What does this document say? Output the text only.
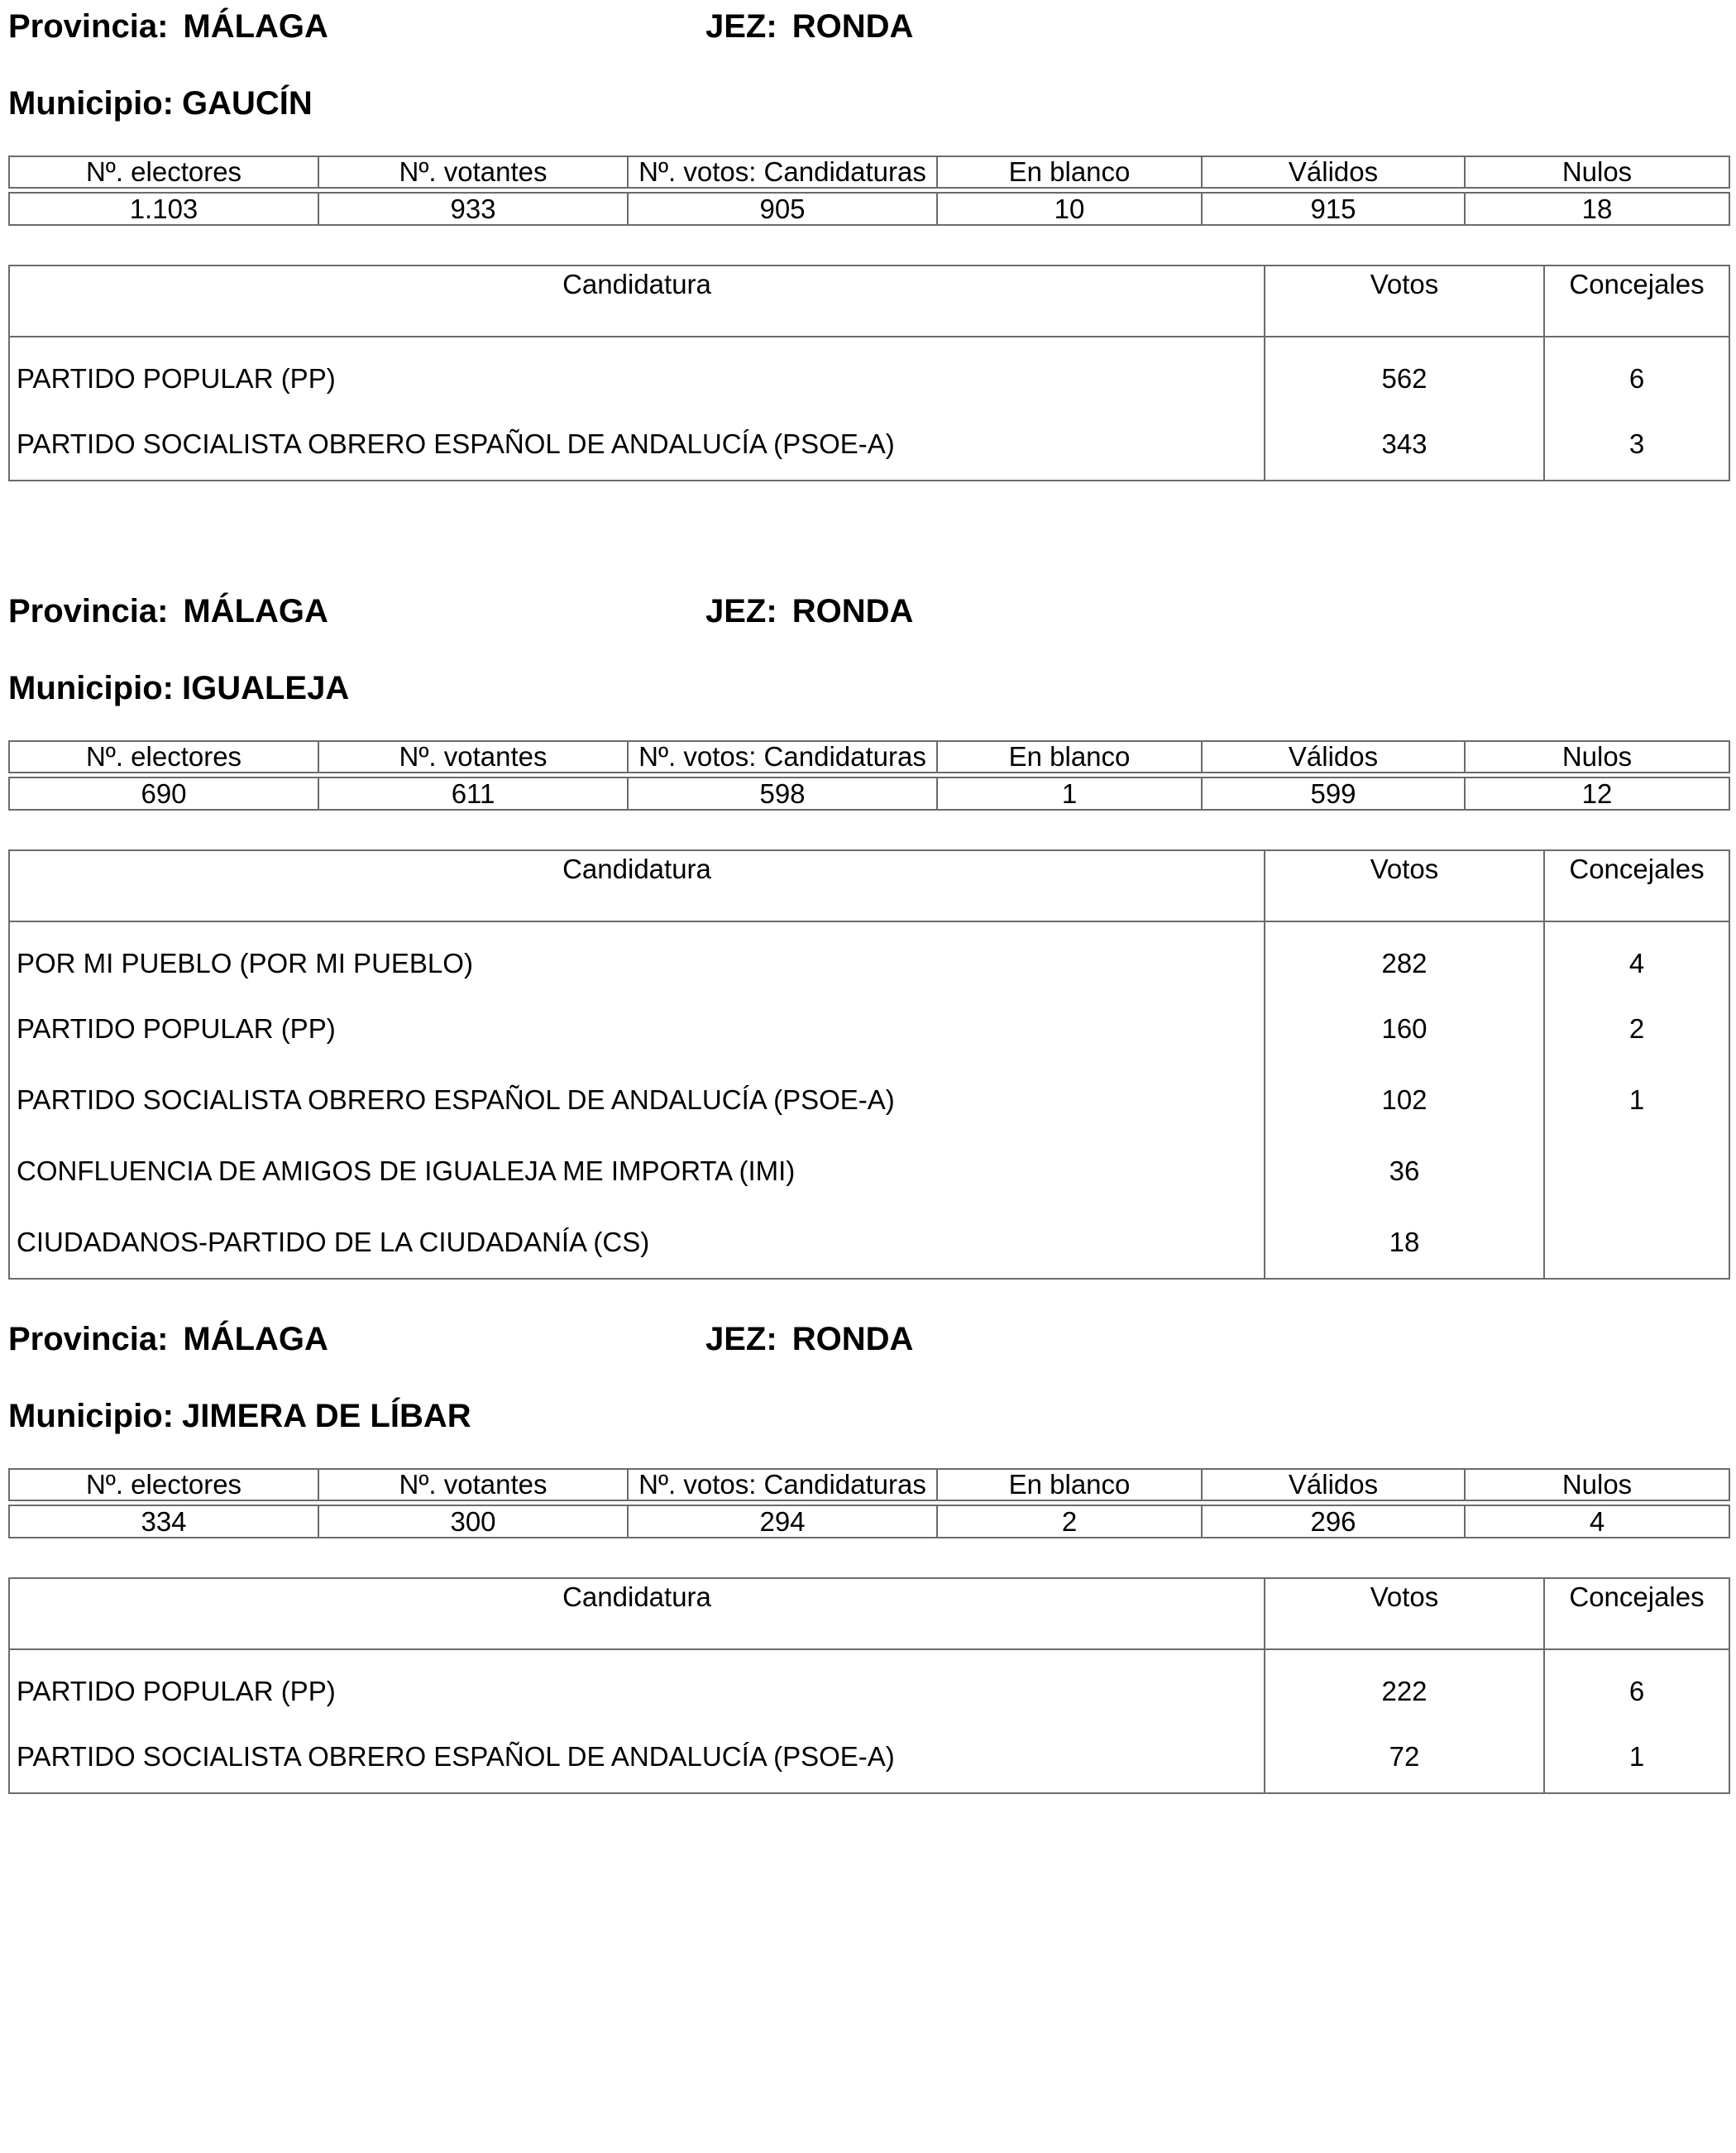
Provincia: MÁLAGA	JEZ: RONDA
Municipio: GAUCÍN
Nº. electores	Nº. votantes	Nº. votos: Candidaturas	En blanco	Válidos	Nulos

1.103	933	905	10	915	18
Candidatura	Votos	Concejales
PARTIDO POPULAR (PP)	562	6
PARTIDO SOCIALISTA OBRERO ESPAÑOL DE ANDALUCÍA (PSOE-A)	343	3
Provincia: MÁLAGA	JEZ: RONDA
Municipio: IGUALEJA
Nº. electores	Nº. votantes	Nº. votos: Candidaturas	En blanco	Válidos	Nulos

690	611	598	1	599	12
Candidatura	Votos	Concejales
POR MI PUEBLO (POR MI PUEBLO)	282	4
PARTIDO POPULAR (PP)	160	2
PARTIDO SOCIALISTA OBRERO ESPAÑOL DE ANDALUCÍA (PSOE-A)	102	1
CONFLUENCIA DE AMIGOS DE IGUALEJA ME IMPORTA (IMI)	36	
CIUDADANOS-PARTIDO DE LA CIUDADANÍA (CS)	18	
Provincia: MÁLAGA	JEZ: RONDA
Municipio: JIMERA DE LÍBAR
Nº. electores	Nº. votantes	Nº. votos: Candidaturas	En blanco	Válidos	Nulos

334	300	294	2	296	4
Candidatura	Votos	Concejales
PARTIDO POPULAR (PP)	222	6
PARTIDO SOCIALISTA OBRERO ESPAÑOL DE ANDALUCÍA (PSOE-A)	72	1
